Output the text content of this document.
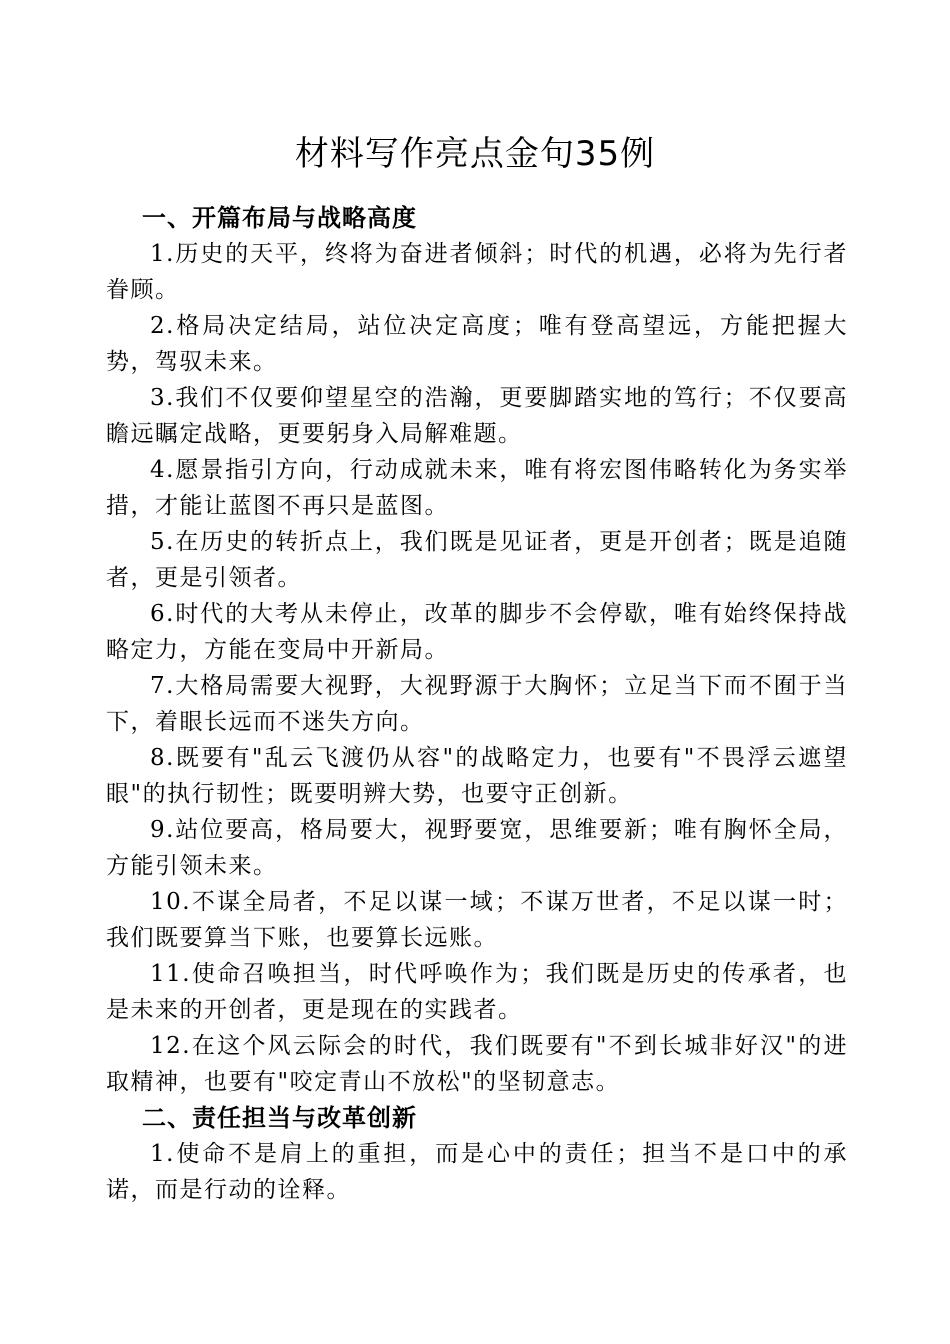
材料写作亮点金句35例
一、开篇布局与战略高度

1.历史的天平，终将为奋进者倾斜；时代的机遇，必将为先行者眷顾。

2.格局决定结局，站位决定高度；唯有登高望远，方能把握大势，驾驭未来。

3.我们不仅要仰望星空的浩瀚，更要脚踏实地的笃行；不仅要高瞻远瞩定战略，更要躬身入局解难题。

4.愿景指引方向，行动成就未来，唯有将宏图伟略转化为务实举措，才能让蓝图不再只是蓝图。

5.在历史的转折点上，我们既是见证者，更是开创者；既是追随者，更是引领者。

6.时代的大考从未停止，改革的脚步不会停歇，唯有始终保持战略定力，方能在变局中开新局。

7.大格局需要大视野，大视野源于大胸怀；立足当下而不囿于当下，着眼长远而不迷失方向。

8.既要有"乱云飞渡仍从容"的战略定力，也要有"不畏浮云遮望眼"的执行韧性；既要明辨大势，也要守正创新。

9.站位要高，格局要大，视野要宽，思维要新；唯有胸怀全局，方能引领未来。

10.不谋全局者，不足以谋一域；不谋万世者，不足以谋一时；我们既要算当下账，也要算长远账。

11.使命召唤担当，时代呼唤作为；我们既是历史的传承者，也是未来的开创者，更是现在的实践者。

12.在这个风云际会的时代，我们既要有"不到长城非好汉"的进取精神，也要有"咬定青山不放松"的坚韧意志。

二、责任担当与改革创新

1.使命不是肩上的重担，而是心中的责任；担当不是口中的承诺，而是行动的诠释。
